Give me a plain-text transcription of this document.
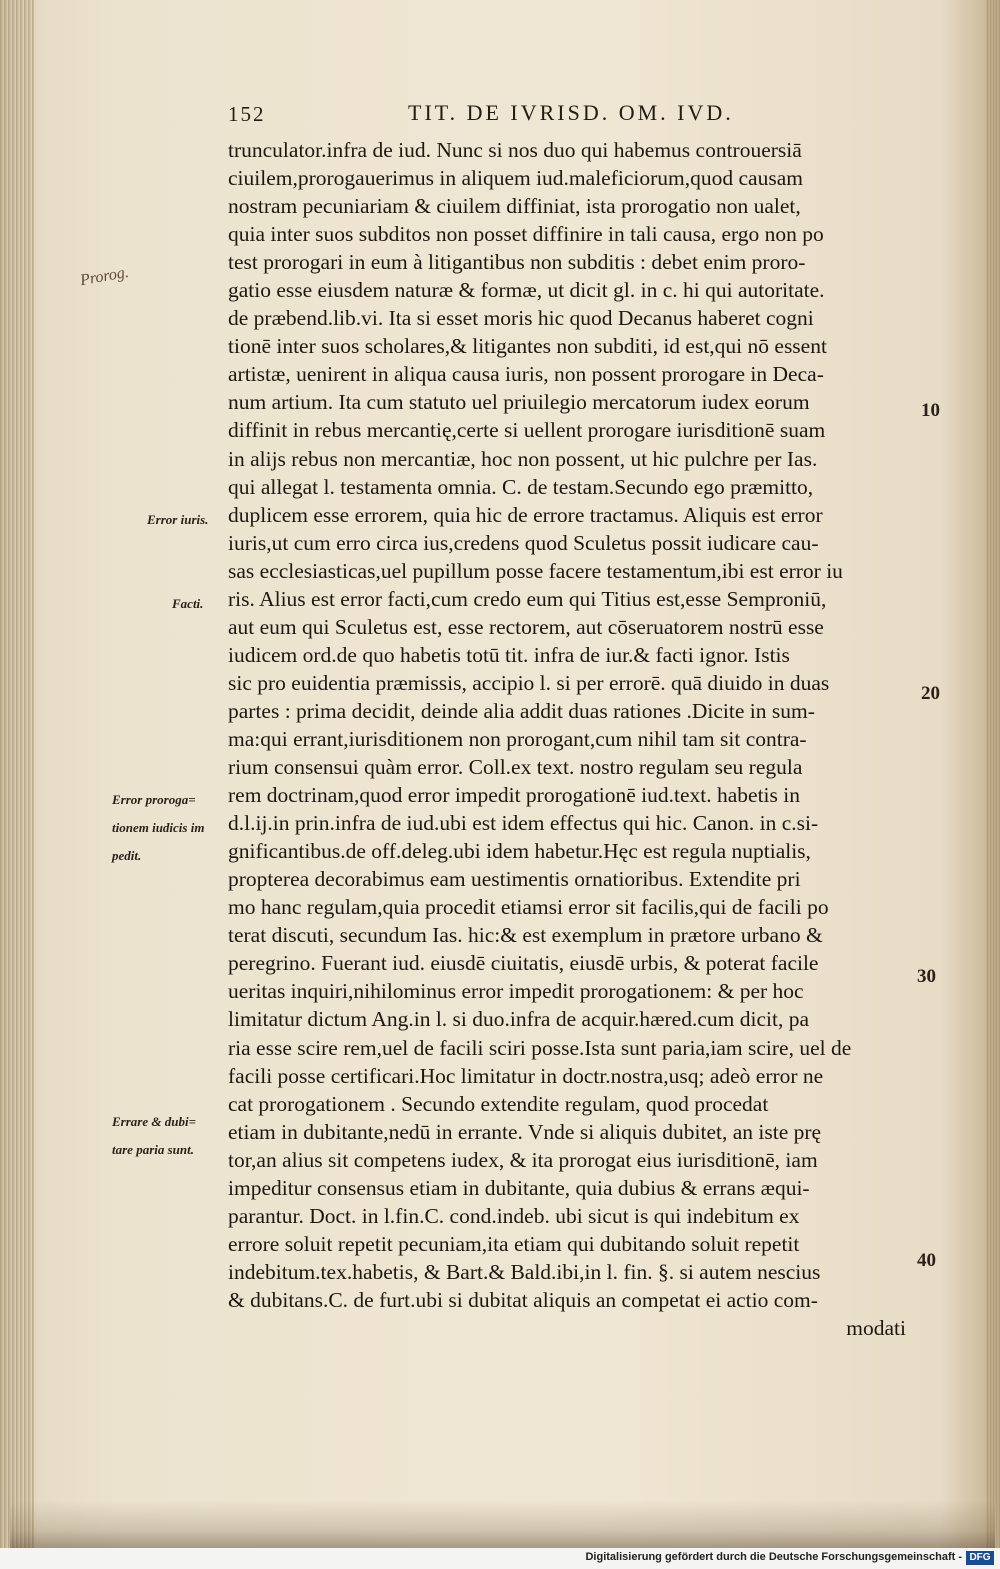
152	TIT. DE IVRISD. OM. IVD.
Prorog.
trunculator.infra de iud. Nunc si nos duo qui habemus controuersiā
ciuilem,prorogauerimus in aliquem iud.maleficiorum,quod causam
nostram pecuniariam & ciuilem diffiniat, ista prorogatio non ualet,
quia inter suos subditos non posset diffinire in tali causa, ergo non po
test prorogari in eum à litigantibus non subditis : debet enim proro-
gatio esse eiusdem naturæ & formæ, ut dicit gl. in c. hi qui autoritate.
de præbend.lib.vi. Ita si esset moris hic quod Decanus haberet cogni
tionē inter suos scholares,& litigantes non subditi, id est,qui nō essent
artistæ, uenirent in aliqua causa iuris, non possent prorogare in Deca-
num artium. Ita cum statuto uel priuilegio mercatorum iudex eorum
diffinit in rebus mercantię,certe si uellent prorogare iurisditionē suam
in alijs rebus non mercantiæ, hoc non possent, ut hic pulchre per Ias.
qui allegat l. testamenta omnia. C. de testam.Secundo ego præmitto,
duplicem esse errorem, quia hic de errore tractamus. Aliquis est error
iuris,ut cum erro circa ius,credens quod Sculetus possit iudicare cau-
sas ecclesiasticas,uel pupillum posse facere testamentum,ibi est error iu
ris. Alius est error facti,cum credo eum qui Titius est,esse Semproniū,
aut eum qui Sculetus est, esse rectorem, aut cōseruatorem nostrū esse
iudicem ord.de quo habetis totū tit. infra de iur.& facti ignor. Istis
sic pro euidentia præmissis, accipio l. si per errorē. quā diuido in duas
partes : prima decidit, deinde alia addit duas rationes .Dicite in sum-
ma:qui errant,iurisditionem non prorogant,cum nihil tam sit contra-
rium consensui quàm error. Coll.ex text. nostro regulam seu regula
rem doctrinam,quod error impedit prorogationē iud.text. habetis in
d.l.ij.in prin.infra de iud.ubi est idem effectus qui hic. Canon. in c.si-
gnificantibus.de off.deleg.ubi idem habetur.Hęc est regula nuptialis,
propterea decorabimus eam uestimentis ornatioribus. Extendite pri
mo hanc regulam,quia procedit etiamsi error sit facilis,qui de facili po
terat discuti, secundum Ias. hic:& est exemplum in prætore urbano &
peregrino. Fuerant iud. eiusdē ciuitatis, eiusdē urbis, & poterat facile
ueritas inquiri,nihilominus error impedit prorogationem: & per hoc
limitatur dictum Ang.in l. si duo.infra de acquir.hæred.cum dicit, pa
ria esse scire rem,uel de facili sciri posse.Ista sunt paria,iam scire, uel de
facili posse certificari.Hoc limitatur in doctr.nostra,usq; adeò error ne
cat prorogationem . Secundo extendite regulam, quod procedat
etiam in dubitante,nedū in errante. Vnde si aliquis dubitet, an iste prę
tor,an alius sit competens iudex, & ita prorogat eius iurisditionē, iam
impeditur consensus etiam in dubitante, quia dubius & errans æqui-
parantur. Doct. in l.fin.C. cond.indeb. ubi sicut is qui indebitum ex
errore soluit repetit pecuniam,ita etiam qui dubitando soluit repetit
indebitum.tex.habetis, & Bart.& Bald.ibi,in l. fin. §. si autem nescius
& dubitans.C. de furt.ubi si dubitat aliquis an competat ei actio com-
modati
Error iuris.
Facti.
Error proroga=
tionem iudicis im
pedit.
Errare & dubi=
tare paria sunt.
10
20
30
40
Digitalisierung gefördert durch die Deutsche Forschungsgemeinschaft - DFG
